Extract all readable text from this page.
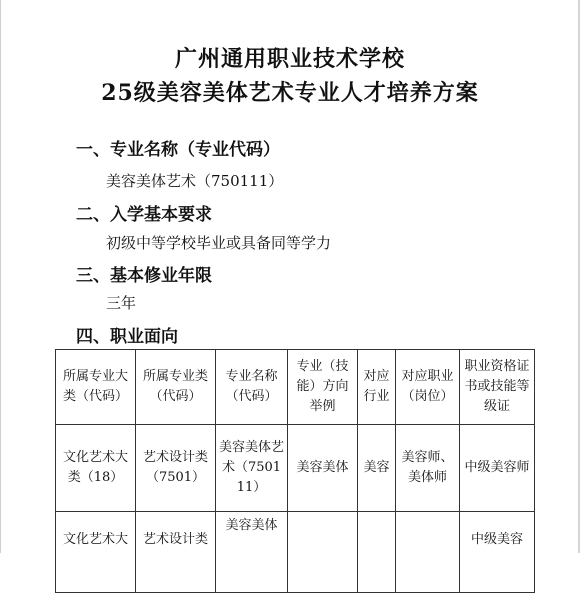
广州通用职业技术学校
25级美容美体艺术专业人才培养方案
一、专业名称（专业代码）
美容美体艺术（750111）
二、入学基本要求
初级中等学校毕业或具备同等学力
三、基本修业年限
三年
四、职业面向
所属专业大类（代码）	所属专业类（代码）	专业名称（代码）	专业（技能）方向举例	对应行业	对应职业（岗位）	职业资格证书或技能等级证
文化艺术大类（18）	艺术设计类（7501）	美容美体艺术（750111）	美容美体	美容	美容师、美体师	中级美容师
文化艺术大	艺术设计类	美容美体				中级美容
